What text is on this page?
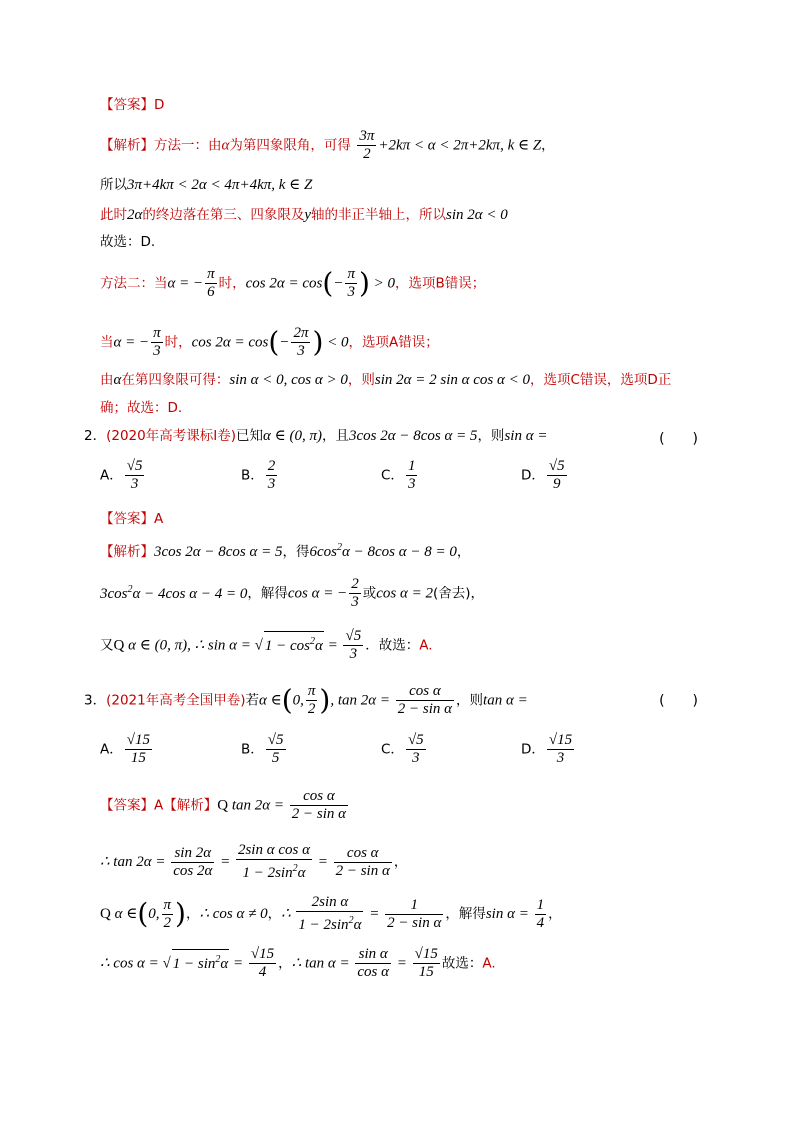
【答案】D
【解析】方法一：由α为第四象限角，可得 $\frac{3\pi}{2} +2k\pi < \alpha < 2\pi+2k\pi$, k ∈ Z，
所以3π+4kπ < 2α < 4π+4kπ, k ∈ Z
此时2α的终边落在第三、四象限及y轴的非正半轴上，所以sin 2α < 0
故选：D.
方法二：当α = − $\frac{\pi}{6}$ 时，$\cos 2\alpha = \cos(- \frac{\pi}{3}$ ) > 0，选项B错误；
当α = − $\frac{\pi}{3}$ 时，$\cos 2\alpha = \cos(- \frac{2\pi}{3}$ ) < 0，选项A错误；
由α在第四象限可得：sin α < 0, cos α > 0，则sin 2α = 2 sin α cos α < 0，选项C错误，选项D正
确；故选：D.
2．(2020年高考课标Ⅰ卷)已知α ∈ (0, π)，且3cos 2α − 8cos α = 5，则sin α =	(　　)
A． $\frac{√5}{3}$	B． $\frac{2}{3}$	C． $\frac{1}{3}$	D． $\frac{√5}{9}$
【答案】A
【解析】3cos 2α − 8cos α = 5，得$6\cos^2\alpha - 8\cos$ α − 8 = 0，
$3\cos^2\alpha - 4\cos$ α − 4 = 0，解得cos α = − $\frac{2}{3}$ 或cos α = 2(舍去)，
又Q α ∈ (0, π), ∴ sin α = √ $1 - \cos^2\alpha = \frac{√5}{3}$ ．故选：A.
3．(2021年高考全国甲卷)若α ∈(0, $\frac{\pi}{2}$ ), $\tan 2\alpha = \frac{\text{cos α}}{\text{2 − sin α}}$ ，则tan α =	(　　)
A． $\frac{√15}{15}$	B． $\frac{√5}{5}$	C． $\frac{√5}{3}$	D． $\frac{√15}{3}$
【答案】A【解析】Q $\tan 2\alpha = \frac{\text{cos α}}{\text{2 − sin α}}$
∴ $\tan 2\alpha = \frac{\sin 2\alpha}{\cos 2\alpha} = \frac{\text{2sin α cos α}}{1 - 2\sin^2\alpha} = \frac{\text{cos α}}{\text{2 − sin α}}$ ，
Q α ∈(0, $\frac{\pi}{2}$ )，∴ cos α ≠ 0，∴ $\frac{\text{2sin α}}{1 - 2\sin^2\alpha} = \frac{1}{\text{2 − sin α}}$ ，解得$\sin \alpha = \frac{1}{4}$ ，
∴ cos α = √ $1 - \sin^2\alpha = \frac{√15}{4}$ ，∴ $\tan \alpha = \frac{\text{sin α}}{\text{cos α}} = \frac{√15}{15}$ 故选：A.
